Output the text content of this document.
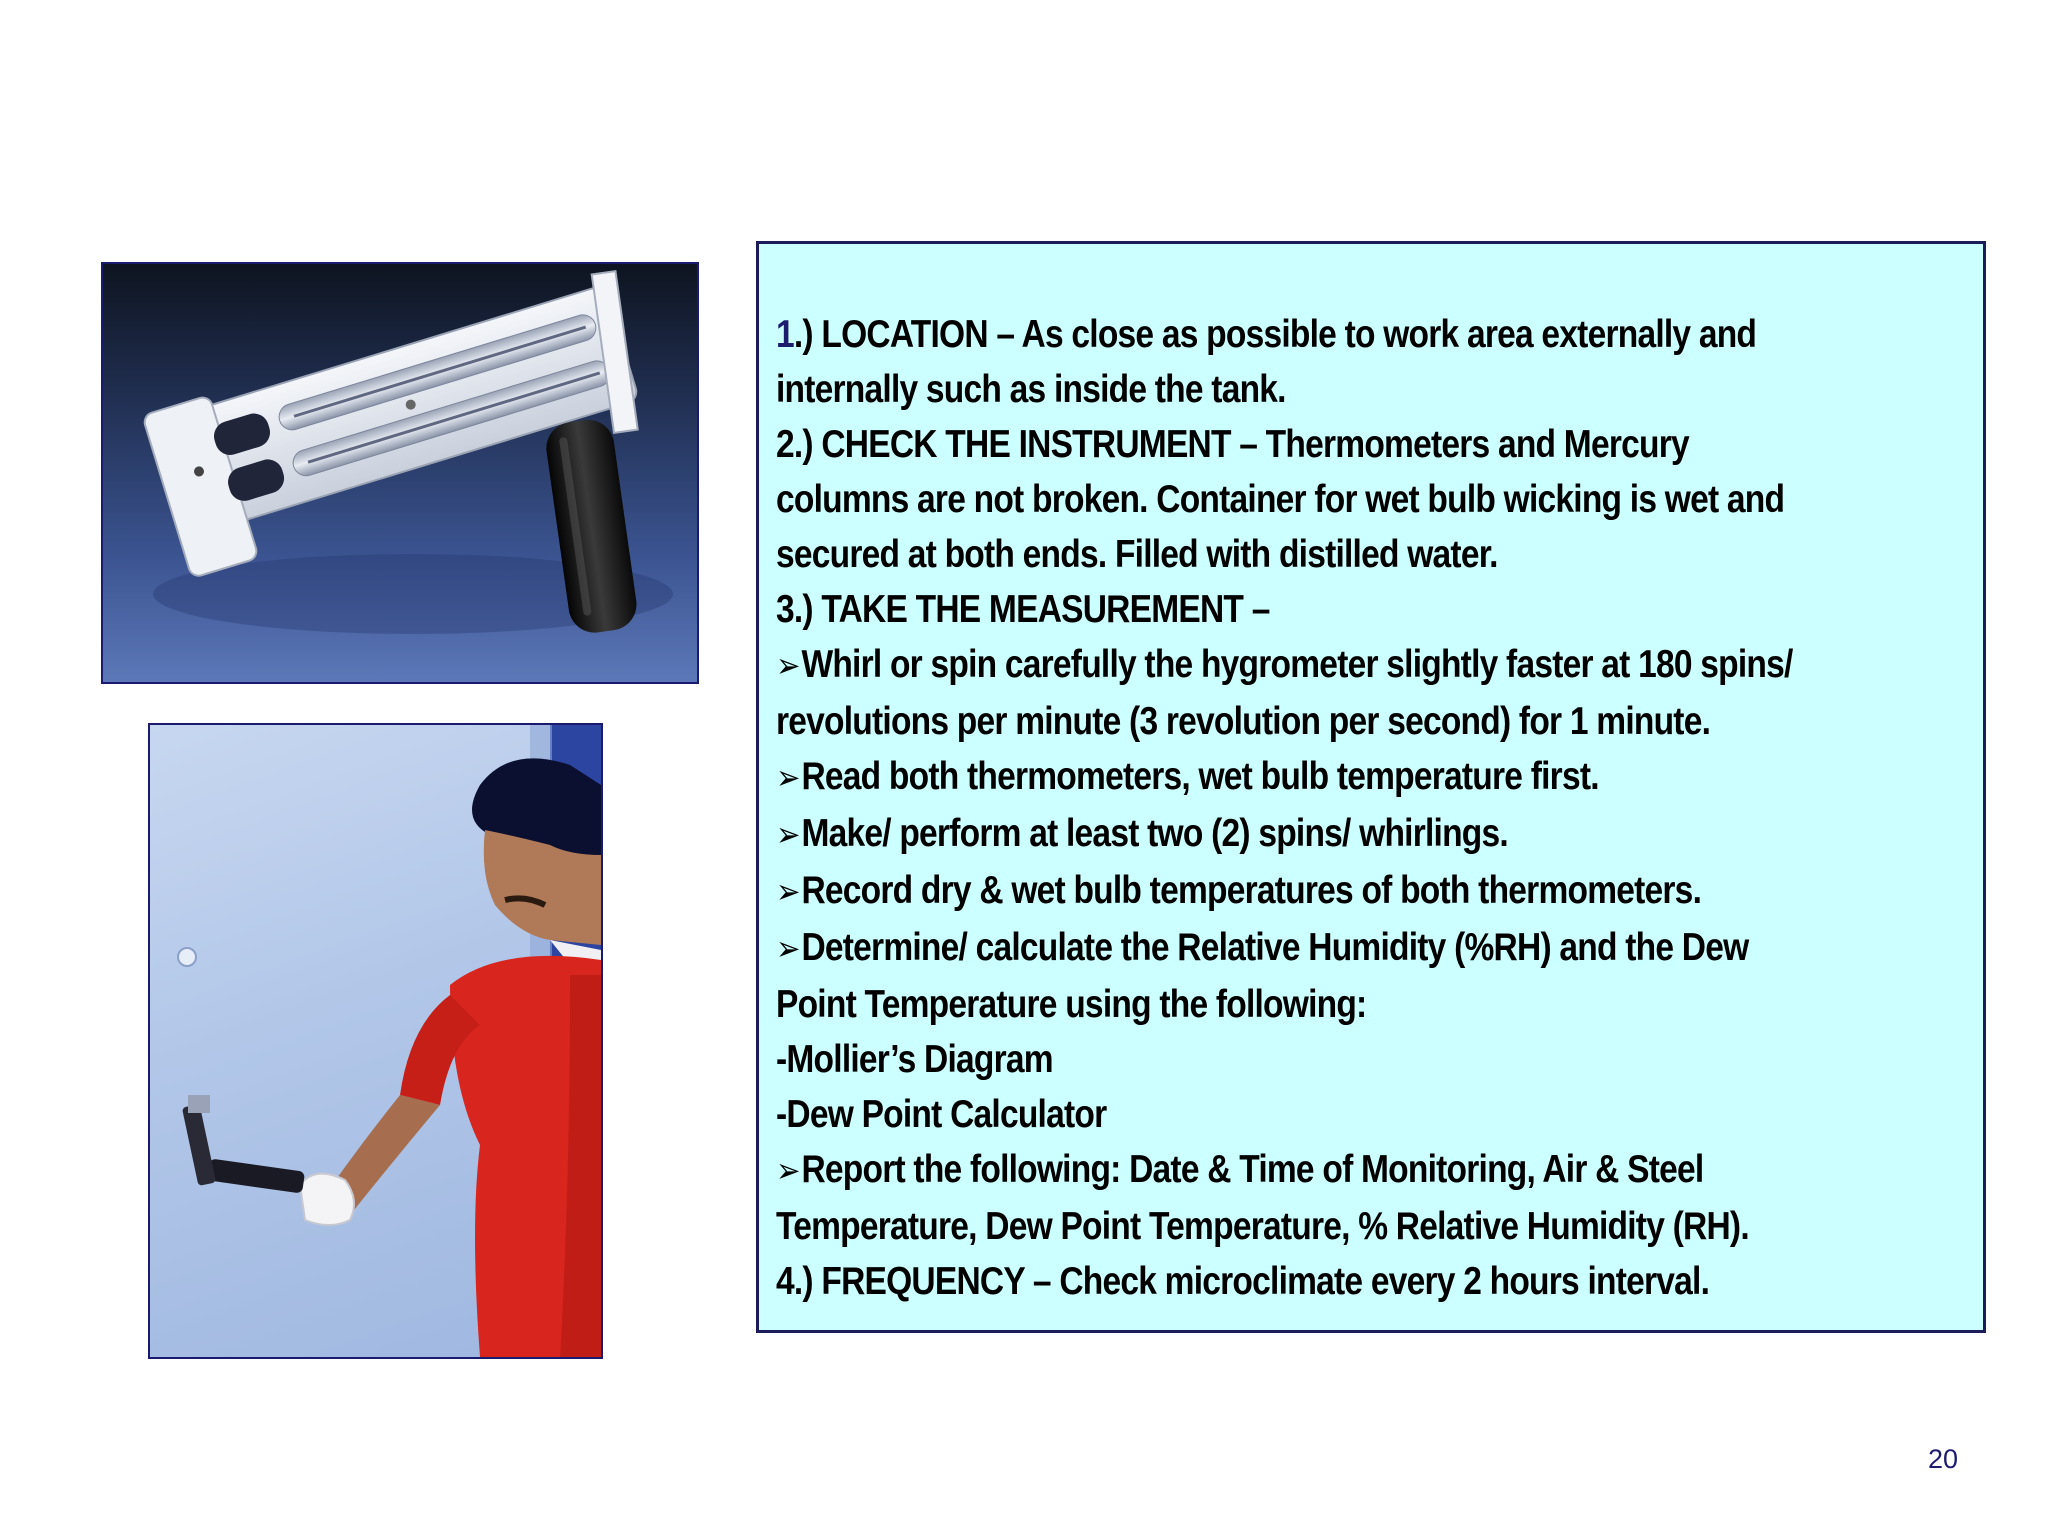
1.) LOCATION – As close as possible to work area externally and
internally such as inside the tank.
2.) CHECK THE INSTRUMENT – Thermometers and Mercury
columns are not broken. Container for wet bulb wicking is wet and
secured at both ends. Filled with distilled water.
3.) TAKE THE MEASUREMENT –
➢Whirl or spin carefully the hygrometer slightly faster at 180 spins/
revolutions per minute (3 revolution per second) for 1 minute.
➢Read both thermometers, wet bulb temperature first.
➢Make/ perform at least two (2) spins/ whirlings.
➢Record dry & wet bulb temperatures of both thermometers.
➢Determine/ calculate the Relative Humidity (%RH) and the Dew
Point Temperature using the following:
-Mollier’s Diagram
-Dew Point Calculator
➢Report the following: Date & Time of Monitoring, Air & Steel
Temperature, Dew Point Temperature, % Relative Humidity (RH).
4.) FREQUENCY – Check microclimate every 2 hours interval.
20
